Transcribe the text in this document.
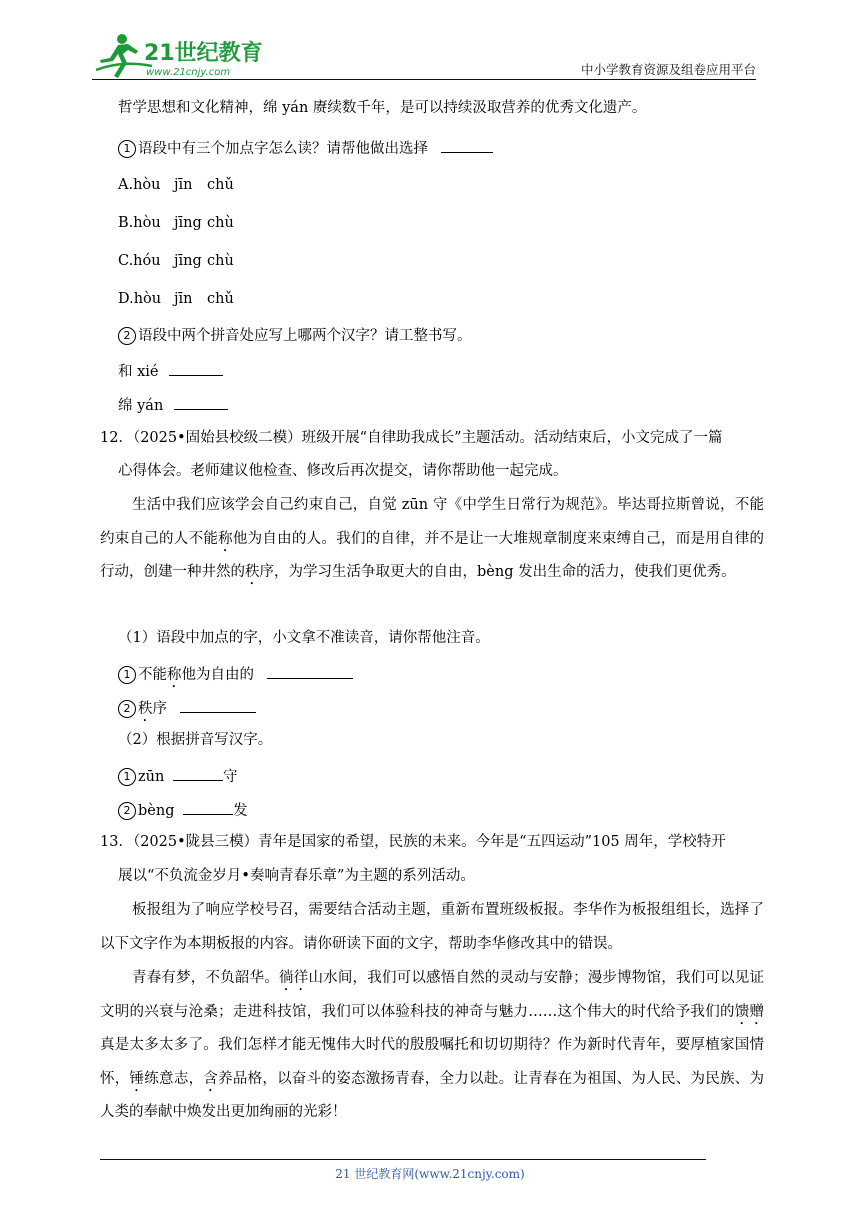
21世纪教育
www.21cnjy.com	中小学教育资源及组卷应用平台
哲学思想和文化精神，绵 yán 赓续数千年，是可以持续汲取营养的优秀文化遗产。
1 语段中有三个加点字怎么读？请帮他做出选择
A.hòu jīn chǔ
B.hòu jīng chù
C.hóu jīng chù
D.hòu jīn chǔ
2 语段中两个拼音处应写上哪两个汉字？请工整书写。
和 xié
绵 yán
12．（2025•固始县校级二模）班级开展“自律助我成长”主题活动。活动结束后，小文完成了一篇
心得体会。老师建议他检查、修改后再次提交，请你帮助他一起完成。
生活中我们应该学会自己约束自己，自觉 zūn 守《中学生日常行为规范》。毕达哥拉斯曾说，不能约束自己的人不能称他为自由的人。我们的自律，并不是让一大堆规章制度来束缚自己，而是用自律的行动，创建一种井然的秩序，为学习生活争取更大的自由，bèng 发出生命的活力，使我们更优秀。
（1）语段中加点的字，小文拿不准读音，请你帮他注音。
1 不能称他为自由的
2 秩序
（2）根据拼音写汉字。
1 zūn	守
2 bèng	发
13．（2025•陇县三模）青年是国家的希望，民族的未来。今年是“五四运动”105 周年，学校特开
展以“不负流金岁月•奏响青春乐章”为主题的系列活动。
板报组为了响应学校号召，需要结合活动主题，重新布置班级板报。李华作为板报组组长，选择了以下文字作为本期板报的内容。请你研读下面的文字，帮助李华修改其中的错误。
青春有梦，不负韶华。徜徉山水间，我们可以感悟自然的灵动与安静；漫步博物馆，我们可以见证文明的兴衰与沧桑；走进科技馆，我们可以体验科技的神奇与魅力……这个伟大的时代给予我们的馈赠真是太多太多了。我们怎样才能无愧伟大时代的殷殷嘱托和切切期待？作为新时代青年，要厚植家国情怀，锤练意志，含养品格，以奋斗的姿态激扬青春，全力以赴。让青春在为祖国、为人民、为民族、为人类的奉献中焕发出更加绚丽的光彩！
21 世纪教育网(www.21cnjy.com)
